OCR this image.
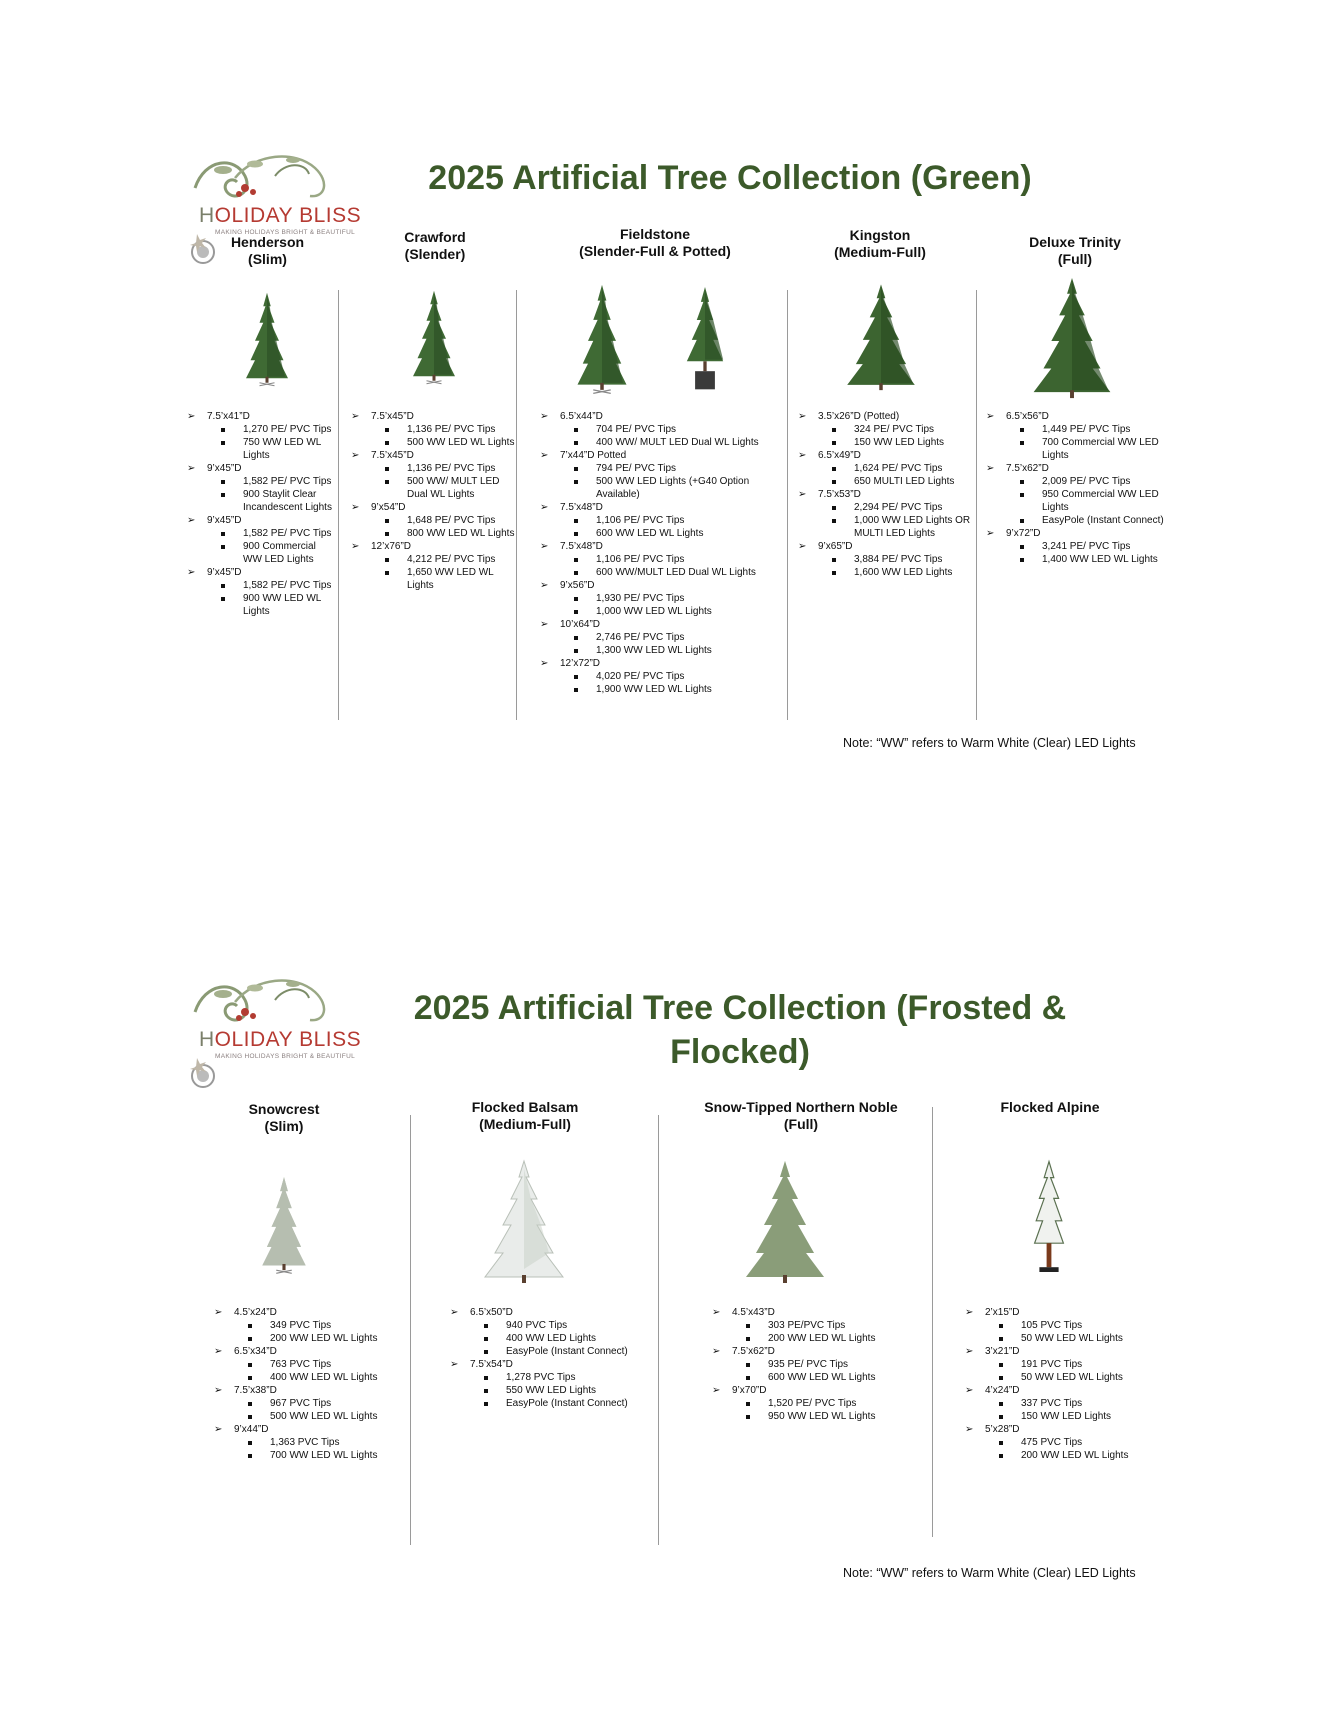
HOLIDAY BLISS
MAKING HOLIDAYS BRIGHT & BEAUTIFUL
2025 Artificial Tree Collection (Green)
Henderson
(Slim)
➢ 7.5’x41”D
1,270 PE/ PVC Tips
750 WW LED WL Lights
➢ 9’x45”D
1,582 PE/ PVC Tips
900 Staylit Clear Incandescent Lights
➢ 9’x45”D
1,582 PE/ PVC Tips
900 Commercial WW LED Lights
➢ 9’x45”D
1,582 PE/ PVC Tips
900 WW LED WL Lights
Crawford
(Slender)
➢ 7.5’x45”D
1,136 PE/ PVC Tips
500 WW LED WL Lights
➢ 7.5’x45”D
1,136 PE/ PVC Tips
500 WW/ MULT LED Dual WL Lights
➢ 9’x54”D
1,648 PE/ PVC Tips
800 WW LED WL Lights
➢ 12’x76”D
4,212 PE/ PVC Tips
1,650 WW LED WL Lights
Fieldstone
(Slender-Full & Potted)
➢ 6.5’x44”D
704 PE/ PVC Tips
400 WW/ MULT LED Dual WL Lights
➢ 7’x44”D Potted
794 PE/ PVC Tips
500 WW LED Lights (+G40 Option Available)
➢ 7.5’x48”D
1,106 PE/ PVC Tips
600 WW LED WL Lights
➢ 7.5’x48”D
1,106 PE/ PVC Tips
600 WW/MULT LED Dual WL Lights
➢ 9’x56”D
1,930 PE/ PVC Tips
1,000 WW LED WL Lights
➢ 10’x64”D
2,746 PE/ PVC Tips
1,300 WW LED WL Lights
➢ 12’x72”D
4,020 PE/ PVC Tips
1,900 WW LED WL Lights
Kingston
(Medium-Full)
➢ 3.5’x26”D (Potted)
324 PE/ PVC Tips
150 WW LED Lights
➢ 6.5’x49”D
1,624 PE/ PVC Tips
650 MULTI LED Lights
➢ 7.5’x53”D
2,294 PE/ PVC Tips
1,000 WW LED Lights OR MULTI LED Lights
➢ 9’x65”D
3,884 PE/ PVC Tips
1,600 WW LED Lights
Deluxe Trinity
(Full)
➢ 6.5’x56”D
1,449 PE/ PVC Tips
700 Commercial WW LED Lights
➢ 7.5’x62”D
2,009 PE/ PVC Tips
950 Commercial WW LED Lights
EasyPole (Instant Connect)
➢ 9’x72”D
3,241 PE/ PVC Tips
1,400 WW LED WL Lights
Note: “WW” refers to Warm White (Clear) LED Lights
HOLIDAY BLISS
MAKING HOLIDAYS BRIGHT & BEAUTIFUL
2025 Artificial Tree Collection (Frosted &
Flocked)
Snowcrest
(Slim)
➢ 4.5’x24”D
349 PVC Tips
200 WW LED WL Lights
➢ 6.5’x34”D
763 PVC Tips
400 WW LED WL Lights
➢ 7.5’x38”D
967 PVC Tips
500 WW LED WL Lights
➢ 9’x44”D
1,363 PVC Tips
700 WW LED WL Lights
Flocked Balsam
(Medium-Full)
➢ 6.5’x50”D
940 PVC Tips
400 WW LED Lights
EasyPole (Instant Connect)
➢ 7.5’x54”D
1,278 PVC Tips
550 WW LED Lights
EasyPole (Instant Connect)
Snow-Tipped Northern Noble
(Full)
➢ 4.5’x43”D
303 PE/PVC Tips
200 WW LED WL Lights
➢ 7.5’x62”D
935 PE/ PVC Tips
600 WW LED WL Lights
➢ 9’x70”D
1,520 PE/ PVC Tips
950 WW LED WL Lights
Flocked Alpine
➢ 2’x15”D
105 PVC Tips
50 WW LED WL Lights
➢ 3’x21”D
191 PVC Tips
50 WW LED WL Lights
➢ 4’x24”D
337 PVC Tips
150 WW LED Lights
➢ 5’x28”D
475 PVC Tips
200 WW LED WL Lights
Note: “WW” refers to Warm White (Clear) LED Lights
